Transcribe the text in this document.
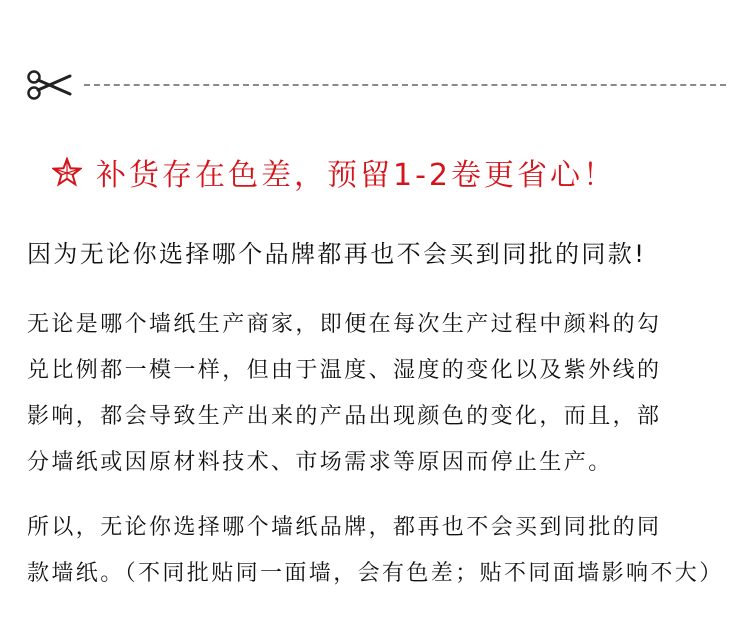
补货存在色差，预留1-2卷更省心！
因为无论你选择哪个品牌都再也不会买到同批的同款!
无论是哪个墙纸生产商家，即便在每次生产过程中颜料的勾
兑比例都一模一样，但由于温度、湿度的变化以及紫外线的
影响，都会导致生产出来的产品出现颜色的变化，而且，部
分墙纸或因原材料技术、市场需求等原因而停止生产。
所以，无论你选择哪个墙纸品牌，都再也不会买到同批的同
款墙纸。（不同批贴同一面墙，会有色差；贴不同面墙影响不大）
